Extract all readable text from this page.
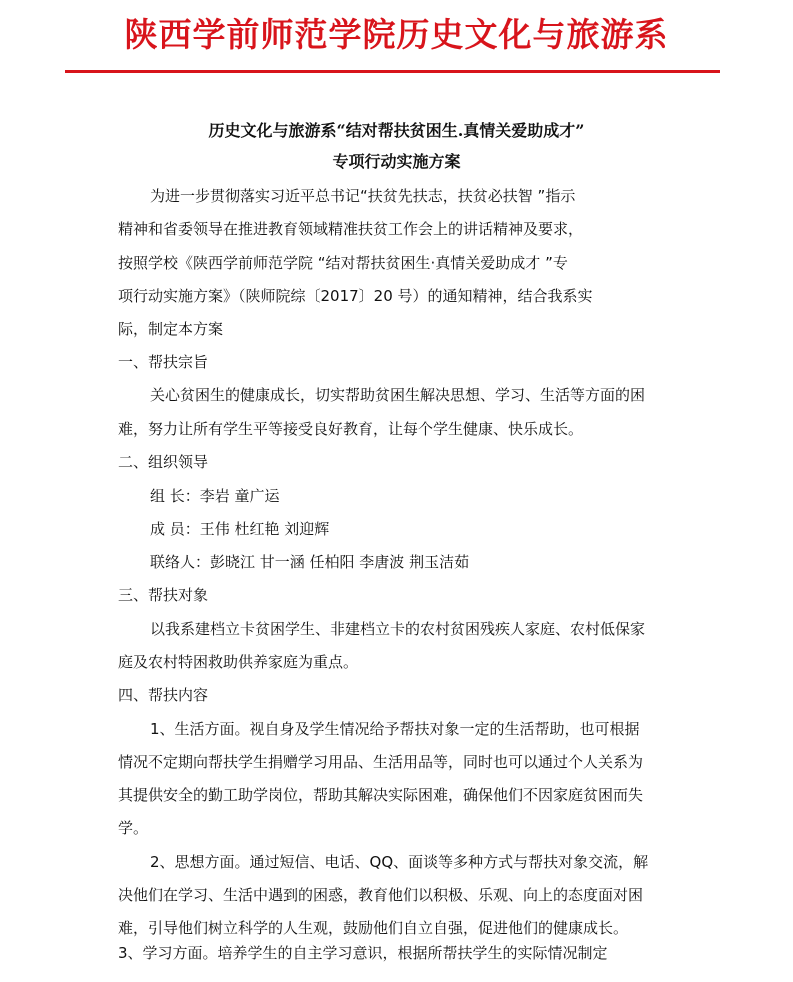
陕西学前师范学院历史文化与旅游系
历史文化与旅游系“结对帮扶贫困生.真情关爱助成才”
专项行动实施方案
为进一步贯彻落实习近平总书记“扶贫先扶志，扶贫必扶智 ”指示
精神和省委领导在推进教育领域精准扶贫工作会上的讲话精神及要求，
按照学校《陕西学前师范学院 “结对帮扶贫困生·真情关爱助成才 ”专
项行动实施方案》（陕师院综〔2017〕20 号）的通知精神，结合我系实
际，制定本方案
一、帮扶宗旨
关心贫困生的健康成长，切实帮助贫困生解决思想、学习、生活等方面的困
难，努力让所有学生平等接受良好教育，让每个学生健康、快乐成长。
二、组织领导
组 长：李岩 童广运
成 员：王伟 杜红艳 刘迎辉
联络人：彭晓江 甘一涵 任柏阳 李唐波 荆玉洁茹
三、帮扶对象
以我系建档立卡贫困学生、非建档立卡的农村贫困残疾人家庭、农村低保家
庭及农村特困救助供养家庭为重点。
四、帮扶内容
1、生活方面。视自身及学生情况给予帮扶对象一定的生活帮助，也可根据
情况不定期向帮扶学生捐赠学习用品、生活用品等，同时也可以通过个人关系为
其提供安全的勤工助学岗位，帮助其解决实际困难，确保他们不因家庭贫困而失
学。
2、思想方面。通过短信、电话、QQ、面谈等多种方式与帮扶对象交流，解
决他们在学习、生活中遇到的困惑，教育他们以积极、乐观、向上的态度面对困
难，引导他们树立科学的人生观，鼓励他们自立自强，促进他们的健康成长。
3、学习方面。培养学生的自主学习意识，根据所帮扶学生的实际情况制定
